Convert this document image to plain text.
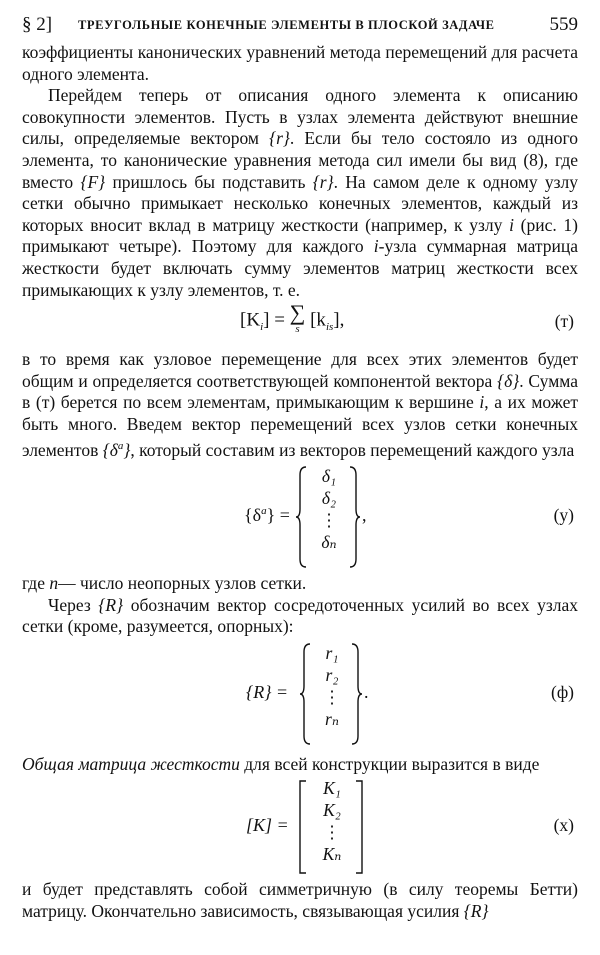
§ 2] ТРЕУГОЛЬНЫЕ КОНЕЧНЫЕ ЭЛЕМЕНТЫ В ПЛОСКОЙ ЗАДАЧЕ	559

коэффициенты канонических уравнений метода перемещений для расчета одного элемента.

Перейдем теперь от описания одного элемента к описанию совокупности элементов. Пусть в узлах элемента действуют внешние силы, определяемые вектором {r}. Если бы тело состояло из одного элемента, то канонические уравнения метода сил имели бы вид (8), где вместо {F} пришлось бы подставить {r}. На самом деле к одному узлу сетки обычно примыкает несколько конечных элементов, каждый из которых вносит вклад в матрицу жесткости (например, к узлу i (рис. 1) примыкают четыре). Поэтому для каждого i-узла суммарная матрица жесткости будет включать сумму элементов матриц жесткости всех примыкающих к узлу элементов, т. е.

$[K_i]$ = ∑
s $[k_{is}]$,	(т)

в то время как узловое перемещение для всех этих элементов будет общим и определяется соответствующей компонентой вектора {δ}. Сумма в (т) берется по всем элементам, примыкающим к вершине i, а их может быть много. Введем вектор перемещений всех узлов сетки конечных элементов $\{\delta^a\}$, который составим из векторов перемещений каждого узла

$\{\delta^a\}$ =
δ₁
δ₂
⋮
δₙ
,	(у)

где n— число неопорных узлов сетки.

Через {R} обозначим вектор сосредоточенных усилий во всех узлах сетки (кроме, разумеется, опорных):

{R} =
r₁
r₂
⋮
rₙ
.	(ф)

Общая матрица жесткости для всей конструкции выразится в виде

[K] =
K₁
K₂
⋮
Kₙ
(х)

и будет представлять собой симметричную (в силу теоремы Бетти) матрицу. Окончательно зависимость, связывающая усилия {R}
